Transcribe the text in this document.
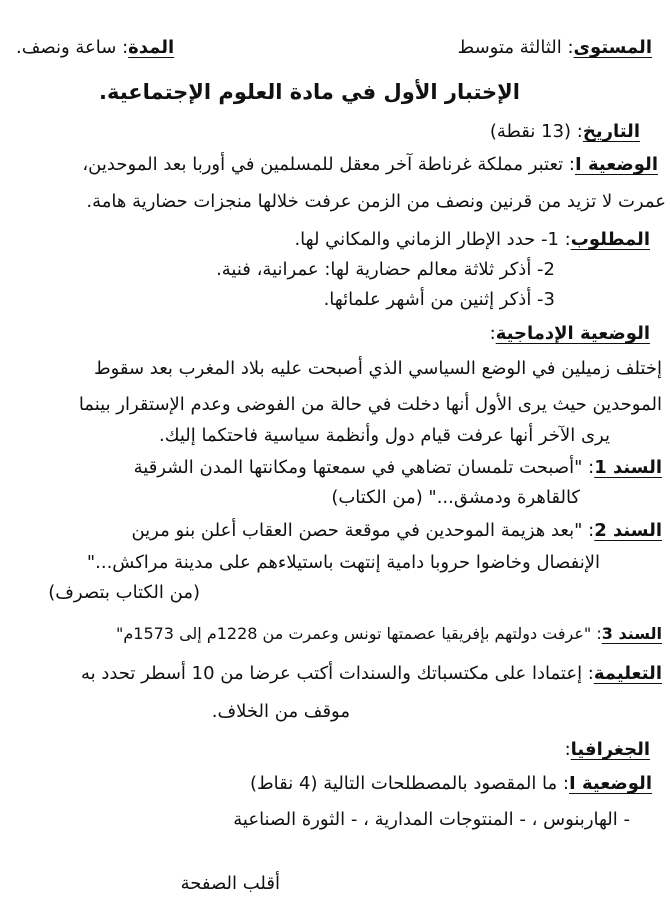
المستوى: الثالثة متوسط
المدة: ساعة ونصف.
الإختبار الأول في مادة العلوم الإجتماعية.
التاريخ: (13 نقطة)
الوضعية I: تعتبر مملكة غرناطة آخر معقل للمسلمين في أوربا بعد الموحدين،
عمرت لا تزيد من قرنين ونصف من الزمن عرفت خلالها منجزات حضارية هامة.
المطلوب: 1- حدد الإطار الزماني والمكاني لها.
2- أذكر ثلاثة معالم حضارية لها: عمرانية، فنية.
3- أذكر إثنين من أشهر علمائها.
الوضعية الإدماجية:
إختلف زميلين في الوضع السياسي الذي أصبحت عليه بلاد المغرب بعد سقوط
الموحدين حيث يرى الأول أنها دخلت في حالة من الفوضى وعدم الإستقرار بينما
يرى الآخر أنها عرفت قيام دول وأنظمة سياسية فاحتكما إليك.
السند 1: "أصبحت تلمسان تضاهي في سمعتها ومكانتها المدن الشرقية
كالقاهرة ودمشق..." (من الكتاب)
السند 2: "بعد هزيمة الموحدين في موقعة حصن العقاب أعلن بنو مرين
الإنفصال وخاضوا حروبا دامية إنتهت باستيلاءهم على مدينة مراكش..."
(من الكتاب بتصرف)
السند 3: "عرفت دولتهم بإفريقيا عصمتها تونس وعمرت من 1228م إلى 1573م"
التعليمة: إعتمادا على مكتسباتك والسندات أكتب عرضا من 10 أسطر تحدد به
موقف من الخلاف.
الجغرافيا:
الوضعية I: ما المقصود بالمصطلحات التالية (4 نقاط)
- الهاربنوس ، - المنتوجات المدارية ، - الثورة الصناعية
أقلب الصفحة
